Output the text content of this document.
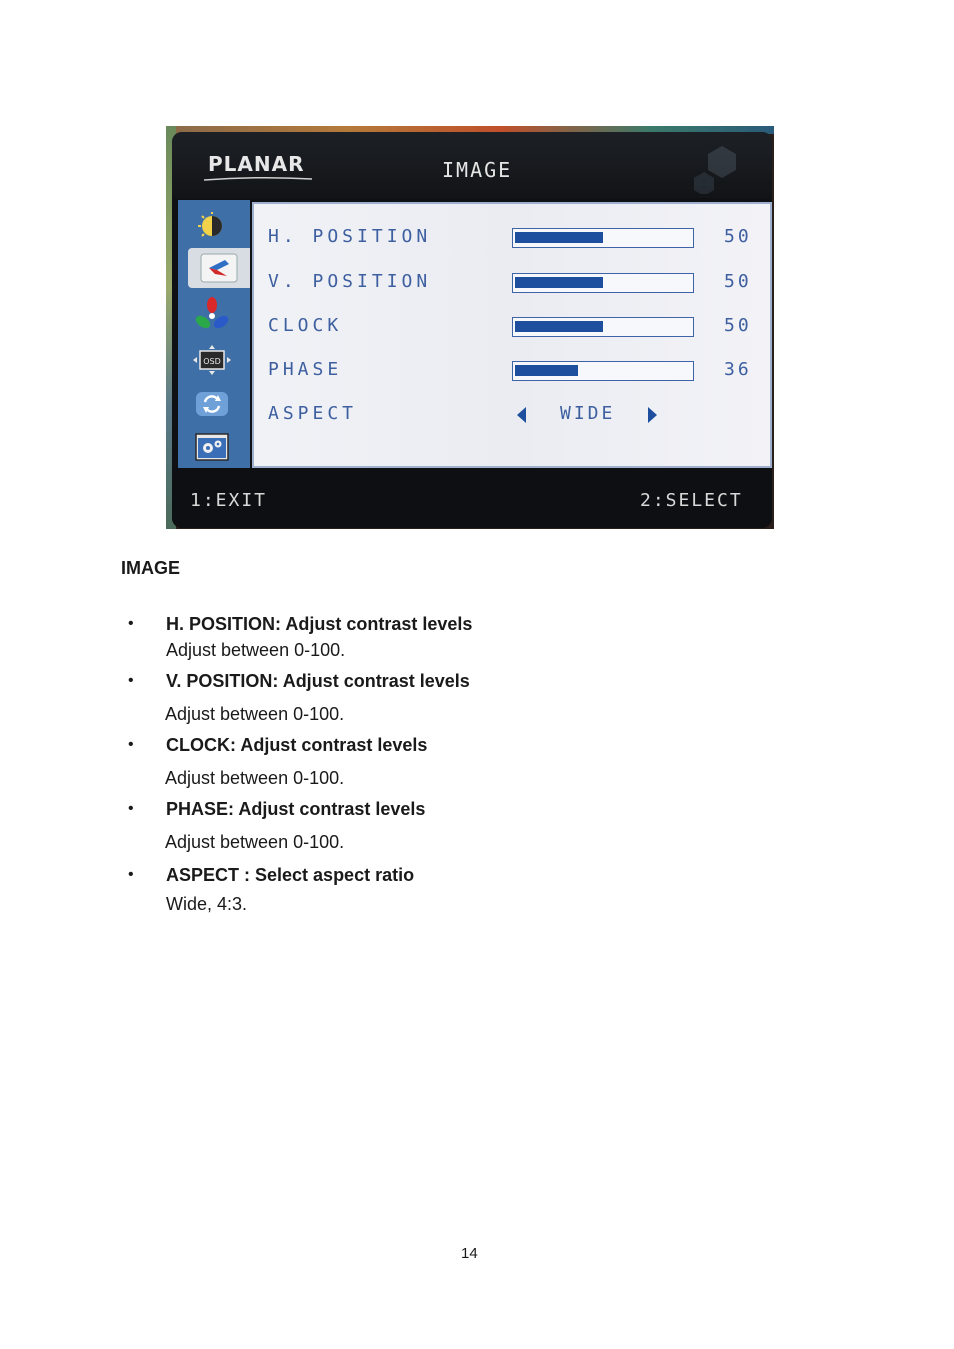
PLANAR	IMAGE
OSD
H. POSITION	50
V. POSITION	50
CLOCK	50
PHASE	36
ASPECT	WIDE
1:EXIT	2:SELECT
IMAGE
• H. POSITION: Adjust contrast levels
Adjust between 0-100.
• V. POSITION: Adjust contrast levels
Adjust between 0-100.
• CLOCK: Adjust contrast levels
Adjust between 0-100.
• PHASE: Adjust contrast levels
Adjust between 0-100.
• ASPECT : Select aspect ratio
Wide, 4:3.
14
